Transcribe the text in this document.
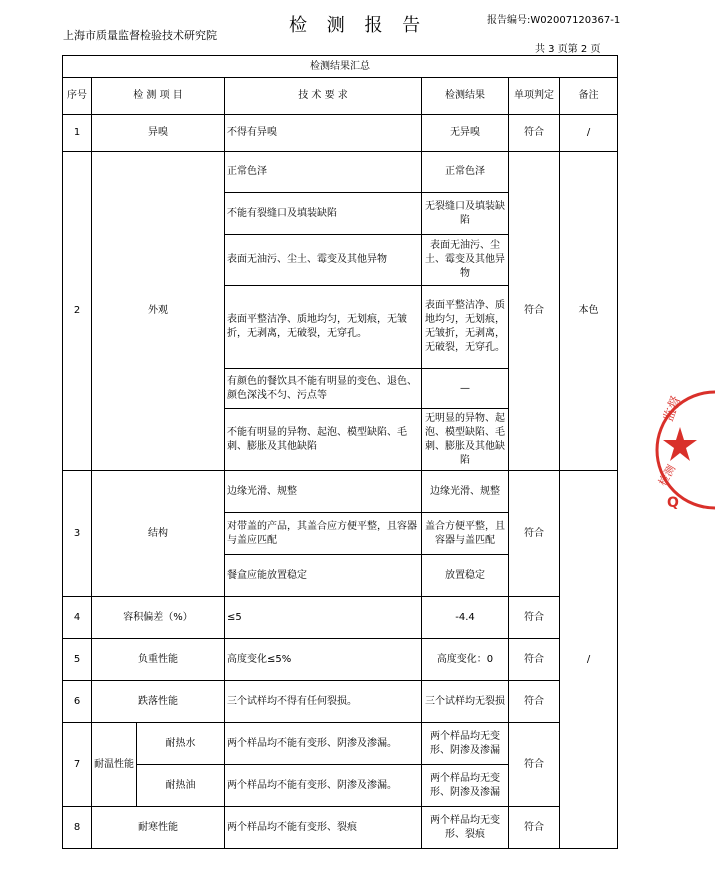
上海市质量监督检验技术研究院	检 测 报 告	报告编号:W02007120367-1
共 3 页第 2 页
检测结果汇总						
序号	检 测 项 目		技 术 要 求	检测结果	单项判定	备注
1	异嗅		不得有异嗅	无异嗅	符合	/
2	外观		正常色泽	正常色泽	符合	本色
			不能有裂缝口及填装缺陷	无裂缝口及填装缺陷		
			表面无油污、尘土、霉变及其他异物	表面无油污、尘土、霉变及其他异物		
			表面平整洁净、质地均匀，无划痕，无皱折，无剥离，无破裂，无穿孔。	表面平整洁净、质地均匀，无划痕，无皱折，无剥离，无破裂，无穿孔。		
			有颜色的餐饮具不能有明显的变色、退色、颜色深浅不匀、污点等	—		
			不能有明显的异物、起泡、模型缺陷、毛刺、膨胀及其他缺陷	无明显的异物、起泡、模型缺陷、毛刺、膨胀及其他缺陷		
3	结构		边缘光滑、规整	边缘光滑、规整	符合	/
			对带盖的产品，其盖合应方便平整，且容器与盖应匹配	盖合方便平整，且容器与盖匹配		
			餐盒应能放置稳定	放置稳定		
4	容积偏差（%）		≤5	-4.4	符合	
5	负重性能		高度变化≤5%	高度变化：0	符合	
6	跌落性能		三个试样均不得有任何裂损。	三个试样均无裂损	符合	
7	耐温性能	耐热水	两个样品均不能有变形、阴渗及渗漏。	两个样品均无变形、阴渗及渗漏	符合	
		耐热油	两个样品均不能有变形、阴渗及渗漏。	两个样品均无变形、阴渗及渗漏		
8	耐寒性能		两个样品均不能有变形、裂痕	两个样品均无变形、裂痕	符合	
监督
检测
Q
